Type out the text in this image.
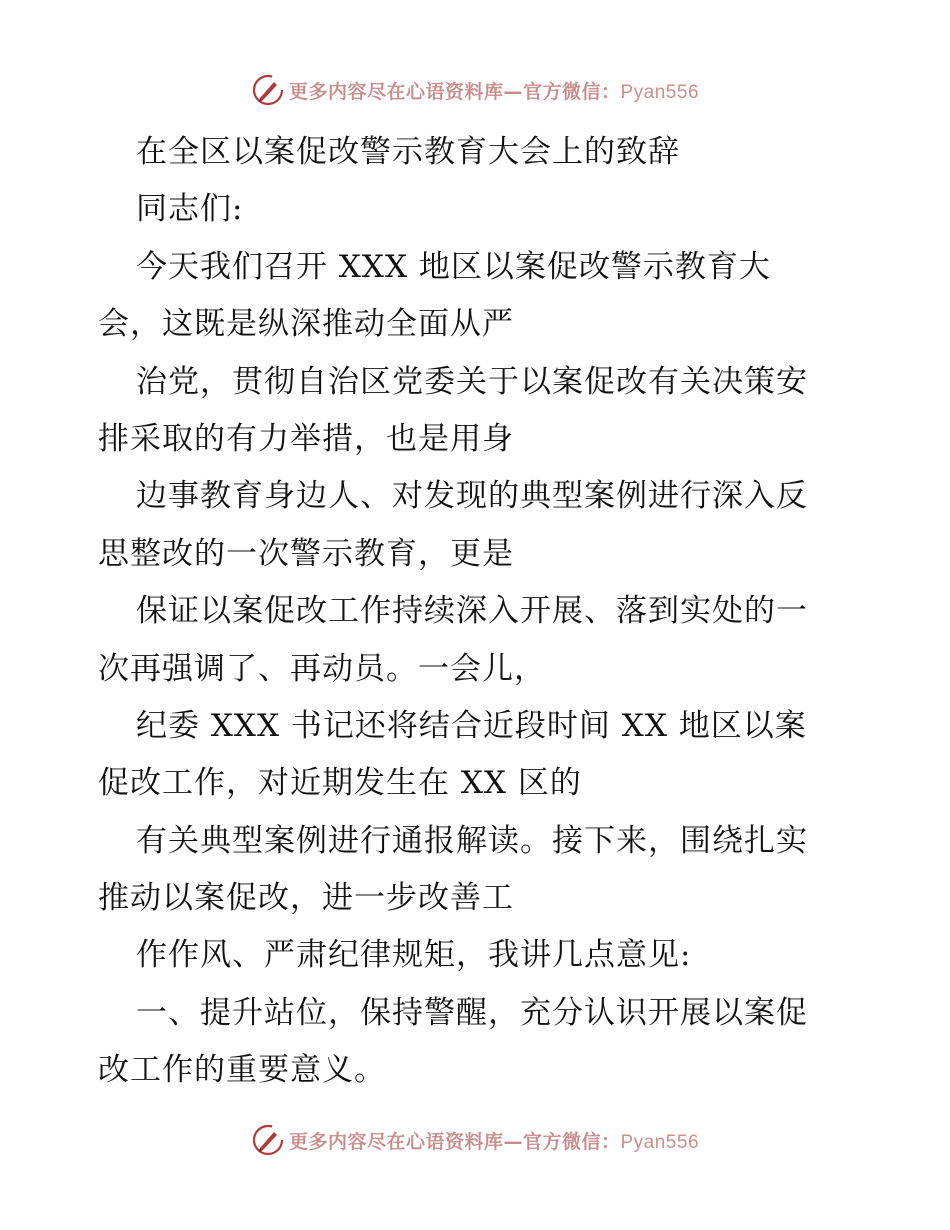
更多内容尽在心语资料库—官方微信：Pyan556
在全区以案促改警示教育大会上的致辞
同志们:
今天我们召开 XXX 地区以案促改警示教育大
会，这既是纵深推动全面从严
治党，贯彻自治区党委关于以案促改有关决策安
排采取的有力举措，也是用身
边事教育身边人、对发现的典型案例进行深入反
思整改的一次警示教育，更是
保证以案促改工作持续深入开展、落到实处的一
次再强调了、再动员。一会儿，
纪委 XXX 书记还将结合近段时间 XX 地区以案
促改工作，对近期发生在 XX 区的
有关典型案例进行通报解读。接下来，围绕扎实
推动以案促改，进一步改善工
作作风、严肃纪律规矩，我讲几点意见:
一、提升站位，保持警醒，充分认识开展以案促
改工作的重要意义。
更多内容尽在心语资料库—官方微信：Pyan556
